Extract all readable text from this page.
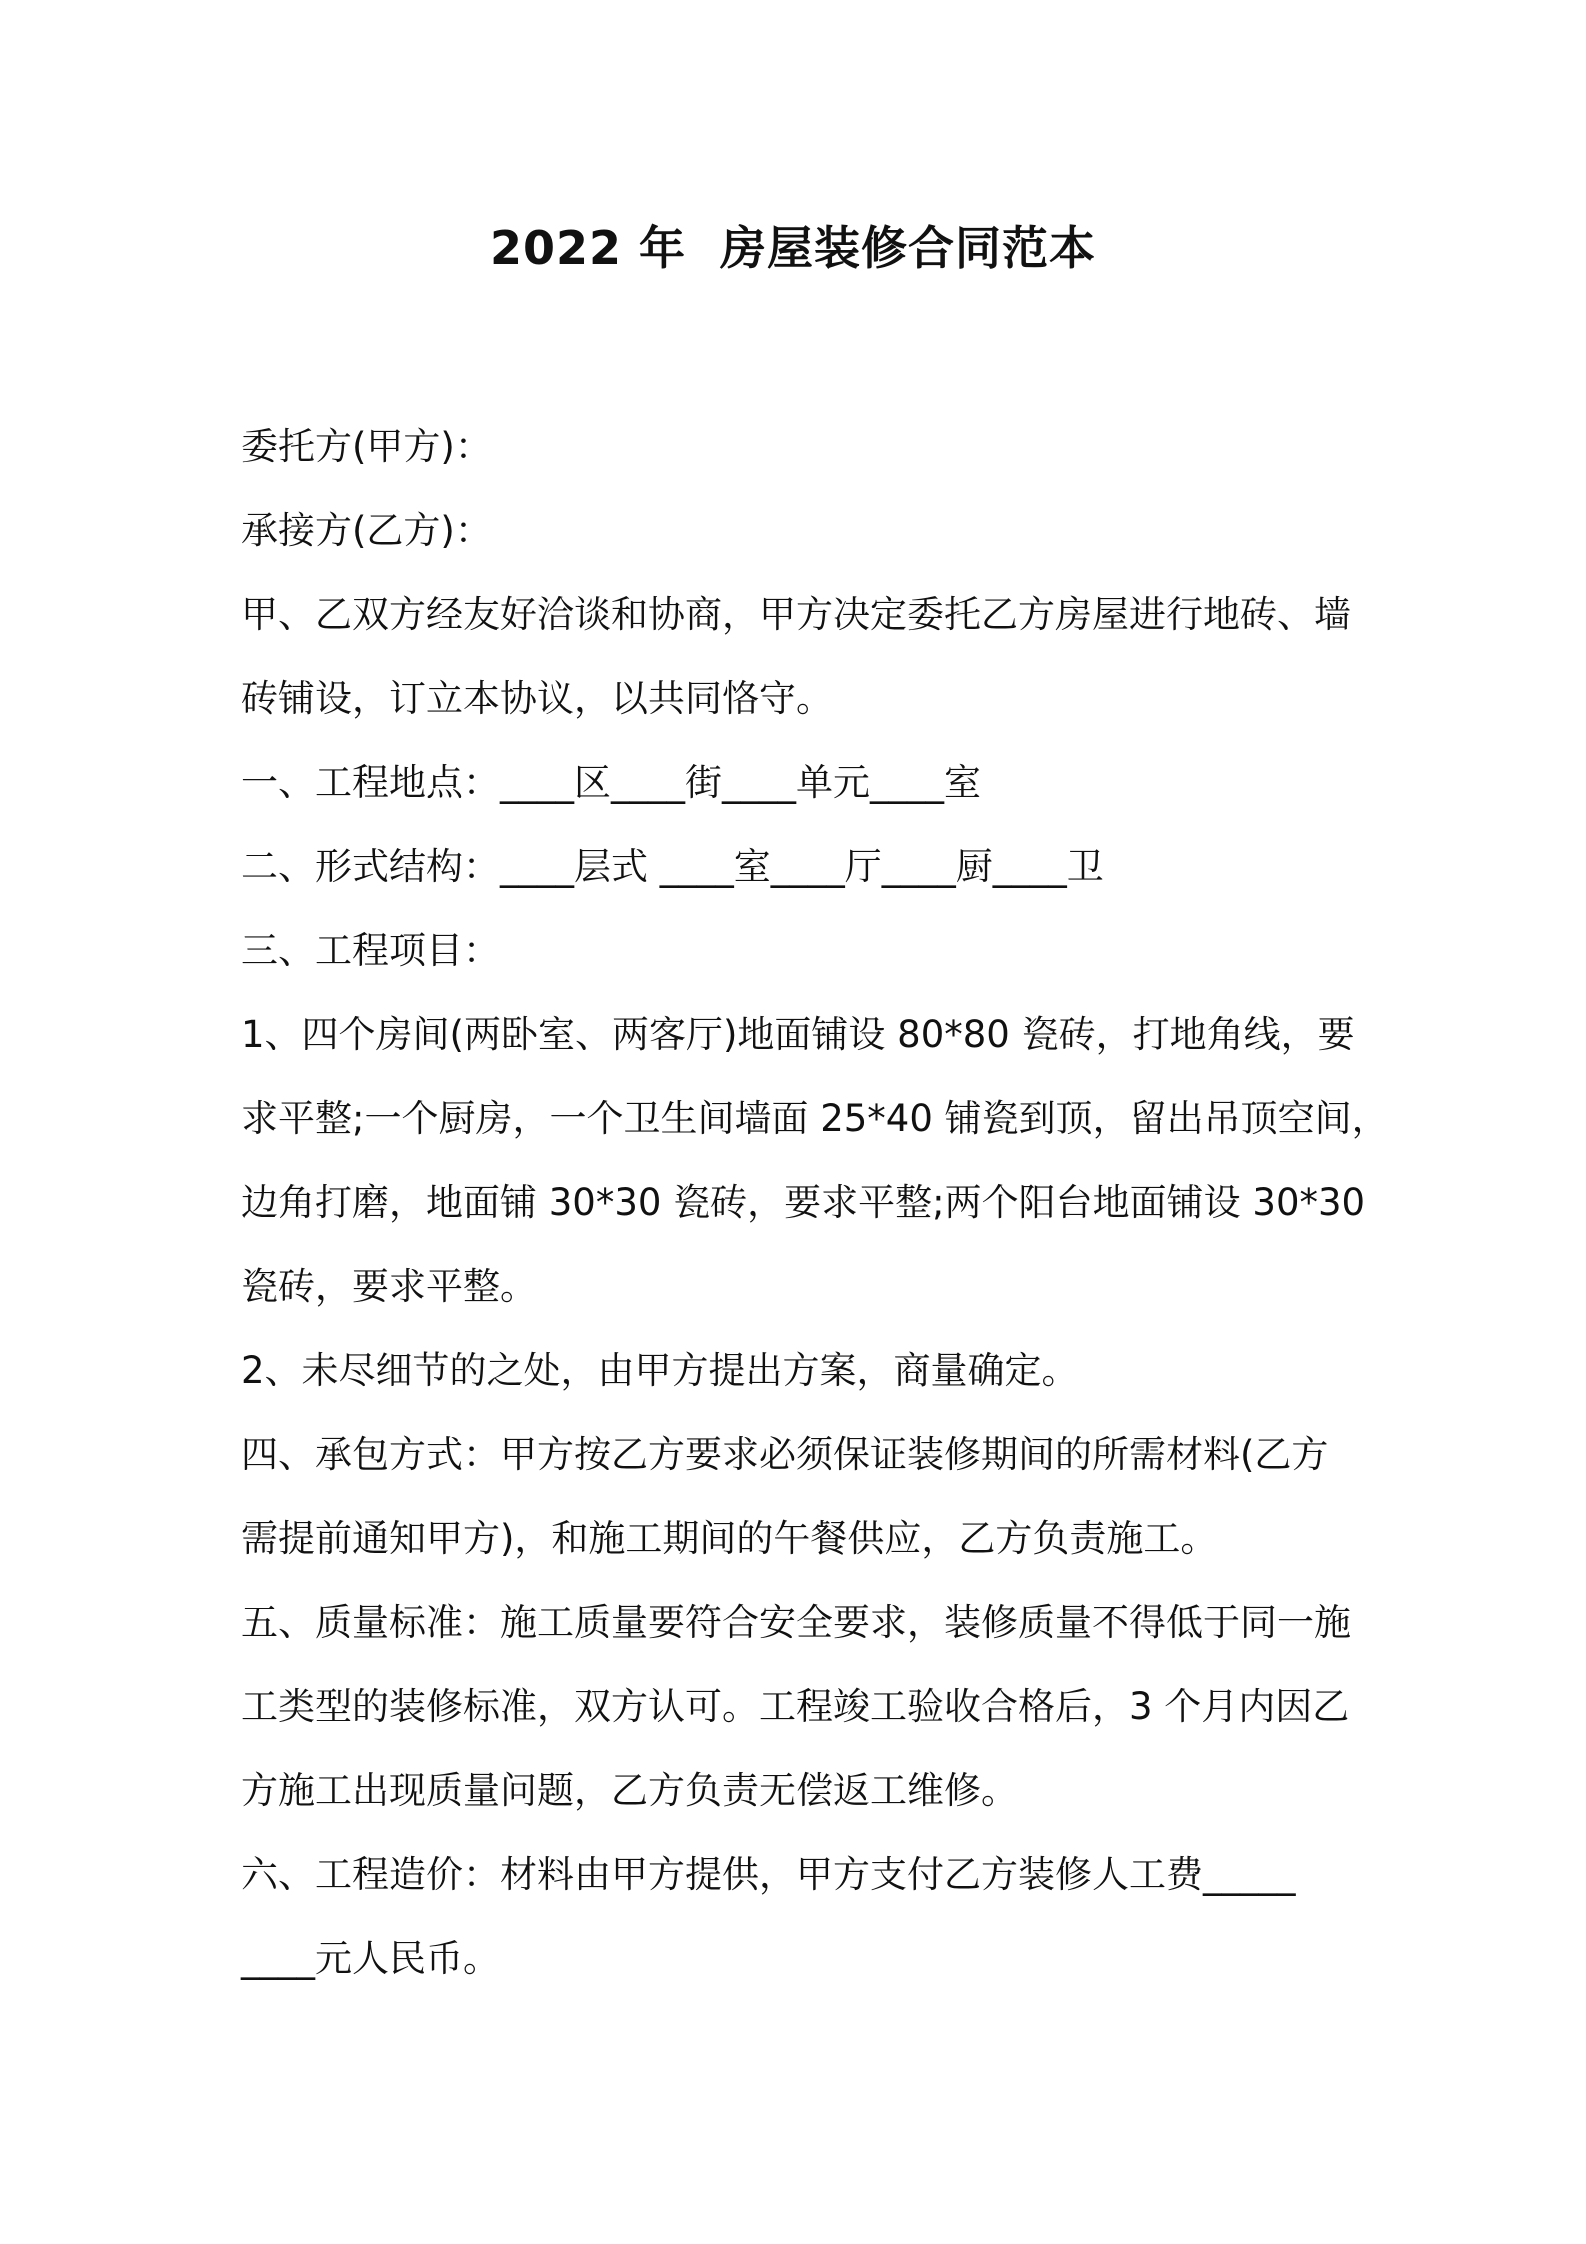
2022 年  房屋装修合同范本
委托方(甲方)：
承接方(乙方)：
甲、乙双方经友好洽谈和协商，甲方决定委托乙方房屋进行地砖、墙
砖铺设，订立本协议，以共同恪守。
一、工程地点：____区____街____单元____室
二、形式结构：____层式 ____室____厅____厨____卫
三、工程项目：
1、四个房间(两卧室、两客厅)地面铺设 80*80 瓷砖，打地角线，要
求平整;一个厨房，一个卫生间墙面 25*40 铺瓷到顶，留出吊顶空间，
边角打磨，地面铺 30*30 瓷砖，要求平整;两个阳台地面铺设 30*30
瓷砖，要求平整。
2、未尽细节的之处，由甲方提出方案，商量确定。
四、承包方式：甲方按乙方要求必须保证装修期间的所需材料(乙方
需提前通知甲方)，和施工期间的午餐供应，乙方负责施工。
五、质量标准：施工质量要符合安全要求，装修质量不得低于同一施
工类型的装修标准，双方认可。工程竣工验收合格后，3 个月内因乙
方施工出现质量问题，乙方负责无偿返工维修。
六、工程造价：材料由甲方提供，甲方支付乙方装修人工费_____
____元人民币。
